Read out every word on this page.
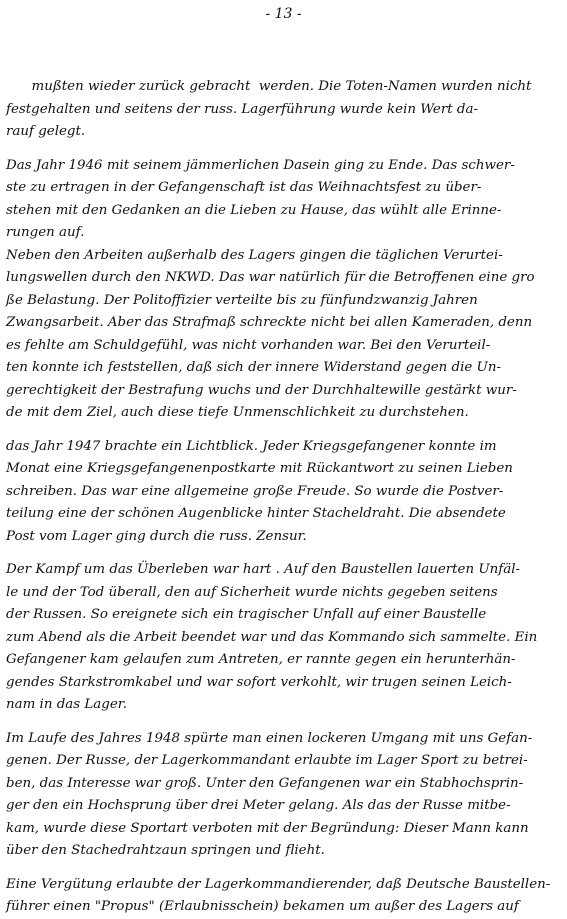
- 13 -
mußten wieder zurück gebracht  werden. Die Toten-Namen wurden nicht
festgehalten und seitens der russ. Lagerführung wurde kein Wert da-
rauf gelegt.
Das Jahr 1946 mit seinem jämmerlichen Dasein ging zu Ende. Das schwer-
ste zu ertragen in der Gefangenschaft ist das Weihnachtsfest zu über-
stehen mit den Gedanken an die Lieben zu Hause, das wühlt alle Erinne-
rungen auf.
Neben den Arbeiten außerhalb des Lagers gingen die täglichen Verurtei-
lungswellen durch den NKWD. Das war natürlich für die Betroffenen eine gro
ße Belastung. Der Politoffizier verteilte bis zu fünfundzwanzig Jahren
Zwangsarbeit. Aber das Strafmaß schreckte nicht bei allen Kameraden, denn
es fehlte am Schuldgefühl, was nicht vorhanden war. Bei den Verurteil-
ten konnte ich feststellen, daß sich der innere Widerstand gegen die Un-
gerechtigkeit der Bestrafung wuchs und der Durchhaltewille gestärkt wur-
de mit dem Ziel, auch diese tiefe Unmenschlichkeit zu durchstehen.
das Jahr 1947 brachte ein Lichtblick. Jeder Kriegsgefangener konnte im
Monat eine Kriegsgefangenenpostkarte mit Rückantwort zu seinen Lieben
schreiben. Das war eine allgemeine große Freude. So wurde die Postver-
teilung eine der schönen Augenblicke hinter Stacheldraht. Die absendete
Post vom Lager ging durch die russ. Zensur.
Der Kampf um das Überleben war hart . Auf den Baustellen lauerten Unfäl-
le und der Tod überall, den auf Sicherheit wurde nichts gegeben seitens
der Russen. So ereignete sich ein tragischer Unfall auf einer Baustelle
zum Abend als die Arbeit beendet war und das Kommando sich sammelte. Ein
Gefangener kam gelaufen zum Antreten, er rannte gegen ein herunterhän-
gendes Starkstromkabel und war sofort verkohlt, wir trugen seinen Leich-
nam in das Lager.
Im Laufe des Jahres 1948 spürte man einen lockeren Umgang mit uns Gefan-
genen. Der Russe, der Lagerkommandant erlaubte im Lager Sport zu betrei-
ben, das Interesse war groß. Unter den Gefangenen war ein Stabhochsprin-
ger den ein Hochsprung über drei Meter gelang. Als das der Russe mitbe-
kam, wurde diese Sportart verboten mit der Begründung: Dieser Mann kann
über den Stachedrahtzaun springen und flieht.
Eine Vergütung erlaubte der Lagerkommandierender, daß Deutsche Baustellen-
führer einen "Propus" (Erlaubnisschein) bekamen um außer des Lagers auf
